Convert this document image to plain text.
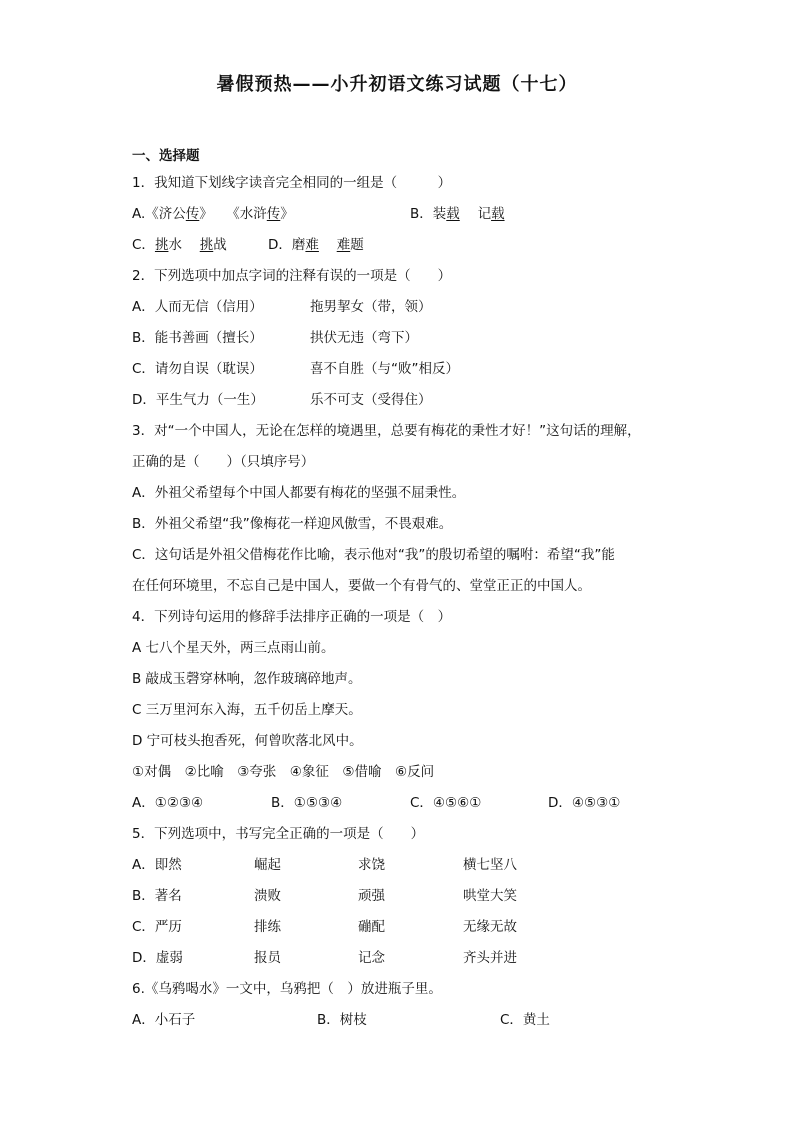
暑假预热——小升初语文练习试题（十七）
一、选择题
1．我知道下划线字读音完全相同的一组是（　　　）
A.《济公传》　　 《水浒传》	B．装载　 记载
C．挑水　 挑战	D．磨难　 难题
2．下列选项中加点字词的注释有误的一项是（　　）
A．人而无信（信用）	拖男挈女（带，领）
B．能书善画（擅长）	拱伏无违（弯下）
C．请勿自误（耽误）	喜不自胜（与“败”相反）
D．平生气力（一生）	乐不可支（受得住）
3．对“一个中国人，无论在怎样的境遇里，总要有梅花的秉性才好！”这句话的理解，
正确的是（　　）（只填序号）
A．外祖父希望每个中国人都要有梅花的坚强不屈秉性。
B．外祖父希望“我”像梅花一样迎风傲雪，不畏艰难。
C．这句话是外祖父借梅花作比喻，表示他对“我”的殷切希望的嘱咐：希望“我”能
在任何环境里，不忘自己是中国人，要做一个有骨气的、堂堂正正的中国人。
4．下列诗句运用的修辞手法排序正确的一项是（　）
A 七八个星天外，两三点雨山前。
B 敲成玉磬穿林响，忽作玻璃碎地声。
C 三万里河东入海，五千仞岳上摩天。
D 宁可枝头抱香死，何曾吹落北风中。
①对偶　②比喻　③夸张　④象征　⑤借喻　⑥反问
A．①②③④	B．①⑤③④	C．④⑤⑥①	D．④⑤③①
5．下列选项中，书写完全正确的一项是（　　）
A．即然	崛起	求饶	横七坚八
B．著名	溃败	顽强	哄堂大笑
C．严历	排练	磞配	无缘无故
D．虚弱	报员	记念	齐头并进
6.《乌鸦喝水》一文中，乌鸦把（　）放进瓶子里。
A．小石子	B．树枝	C．黄土
